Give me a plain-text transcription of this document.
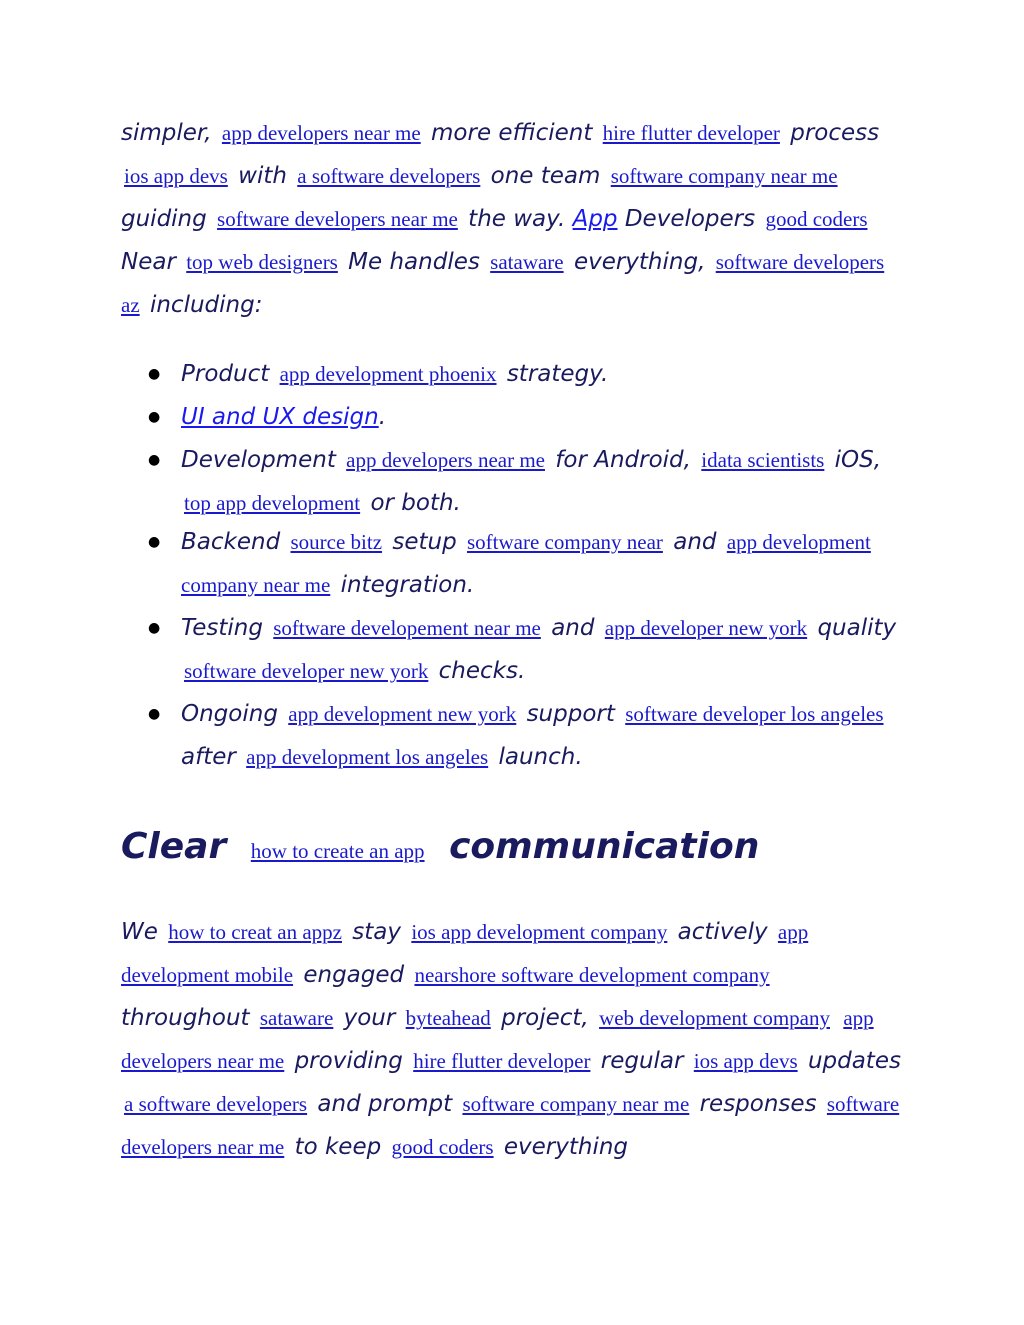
simpler, app developers near me more efficient hire flutter developer process ios app devs with a software developers one team software company near me guiding software developers near me the way. App Developers good coders Near top web designers Me handles sataware everything, software developers az including:

● Product app development phoenix strategy.
● UI and UX design.
● Development app developers near me for Android, idata scientists iOS, top app development or both.
● Backend source bitz setup software company near and app development company near me integration.
● Testing software developement near me and app developer new york quality software developer new york checks.
● Ongoing app development new york support software developer los angeles after app development los angeles launch.
Clear how to create an app communication

We how to creat an appz stay ios app development company actively app development mobile engaged nearshore software development company throughout sataware your byteahead project, web development company app developers near me providing hire flutter developer regular ios app devs updates a software developers and prompt software company near me responses software developers near me to keep good coders everything
